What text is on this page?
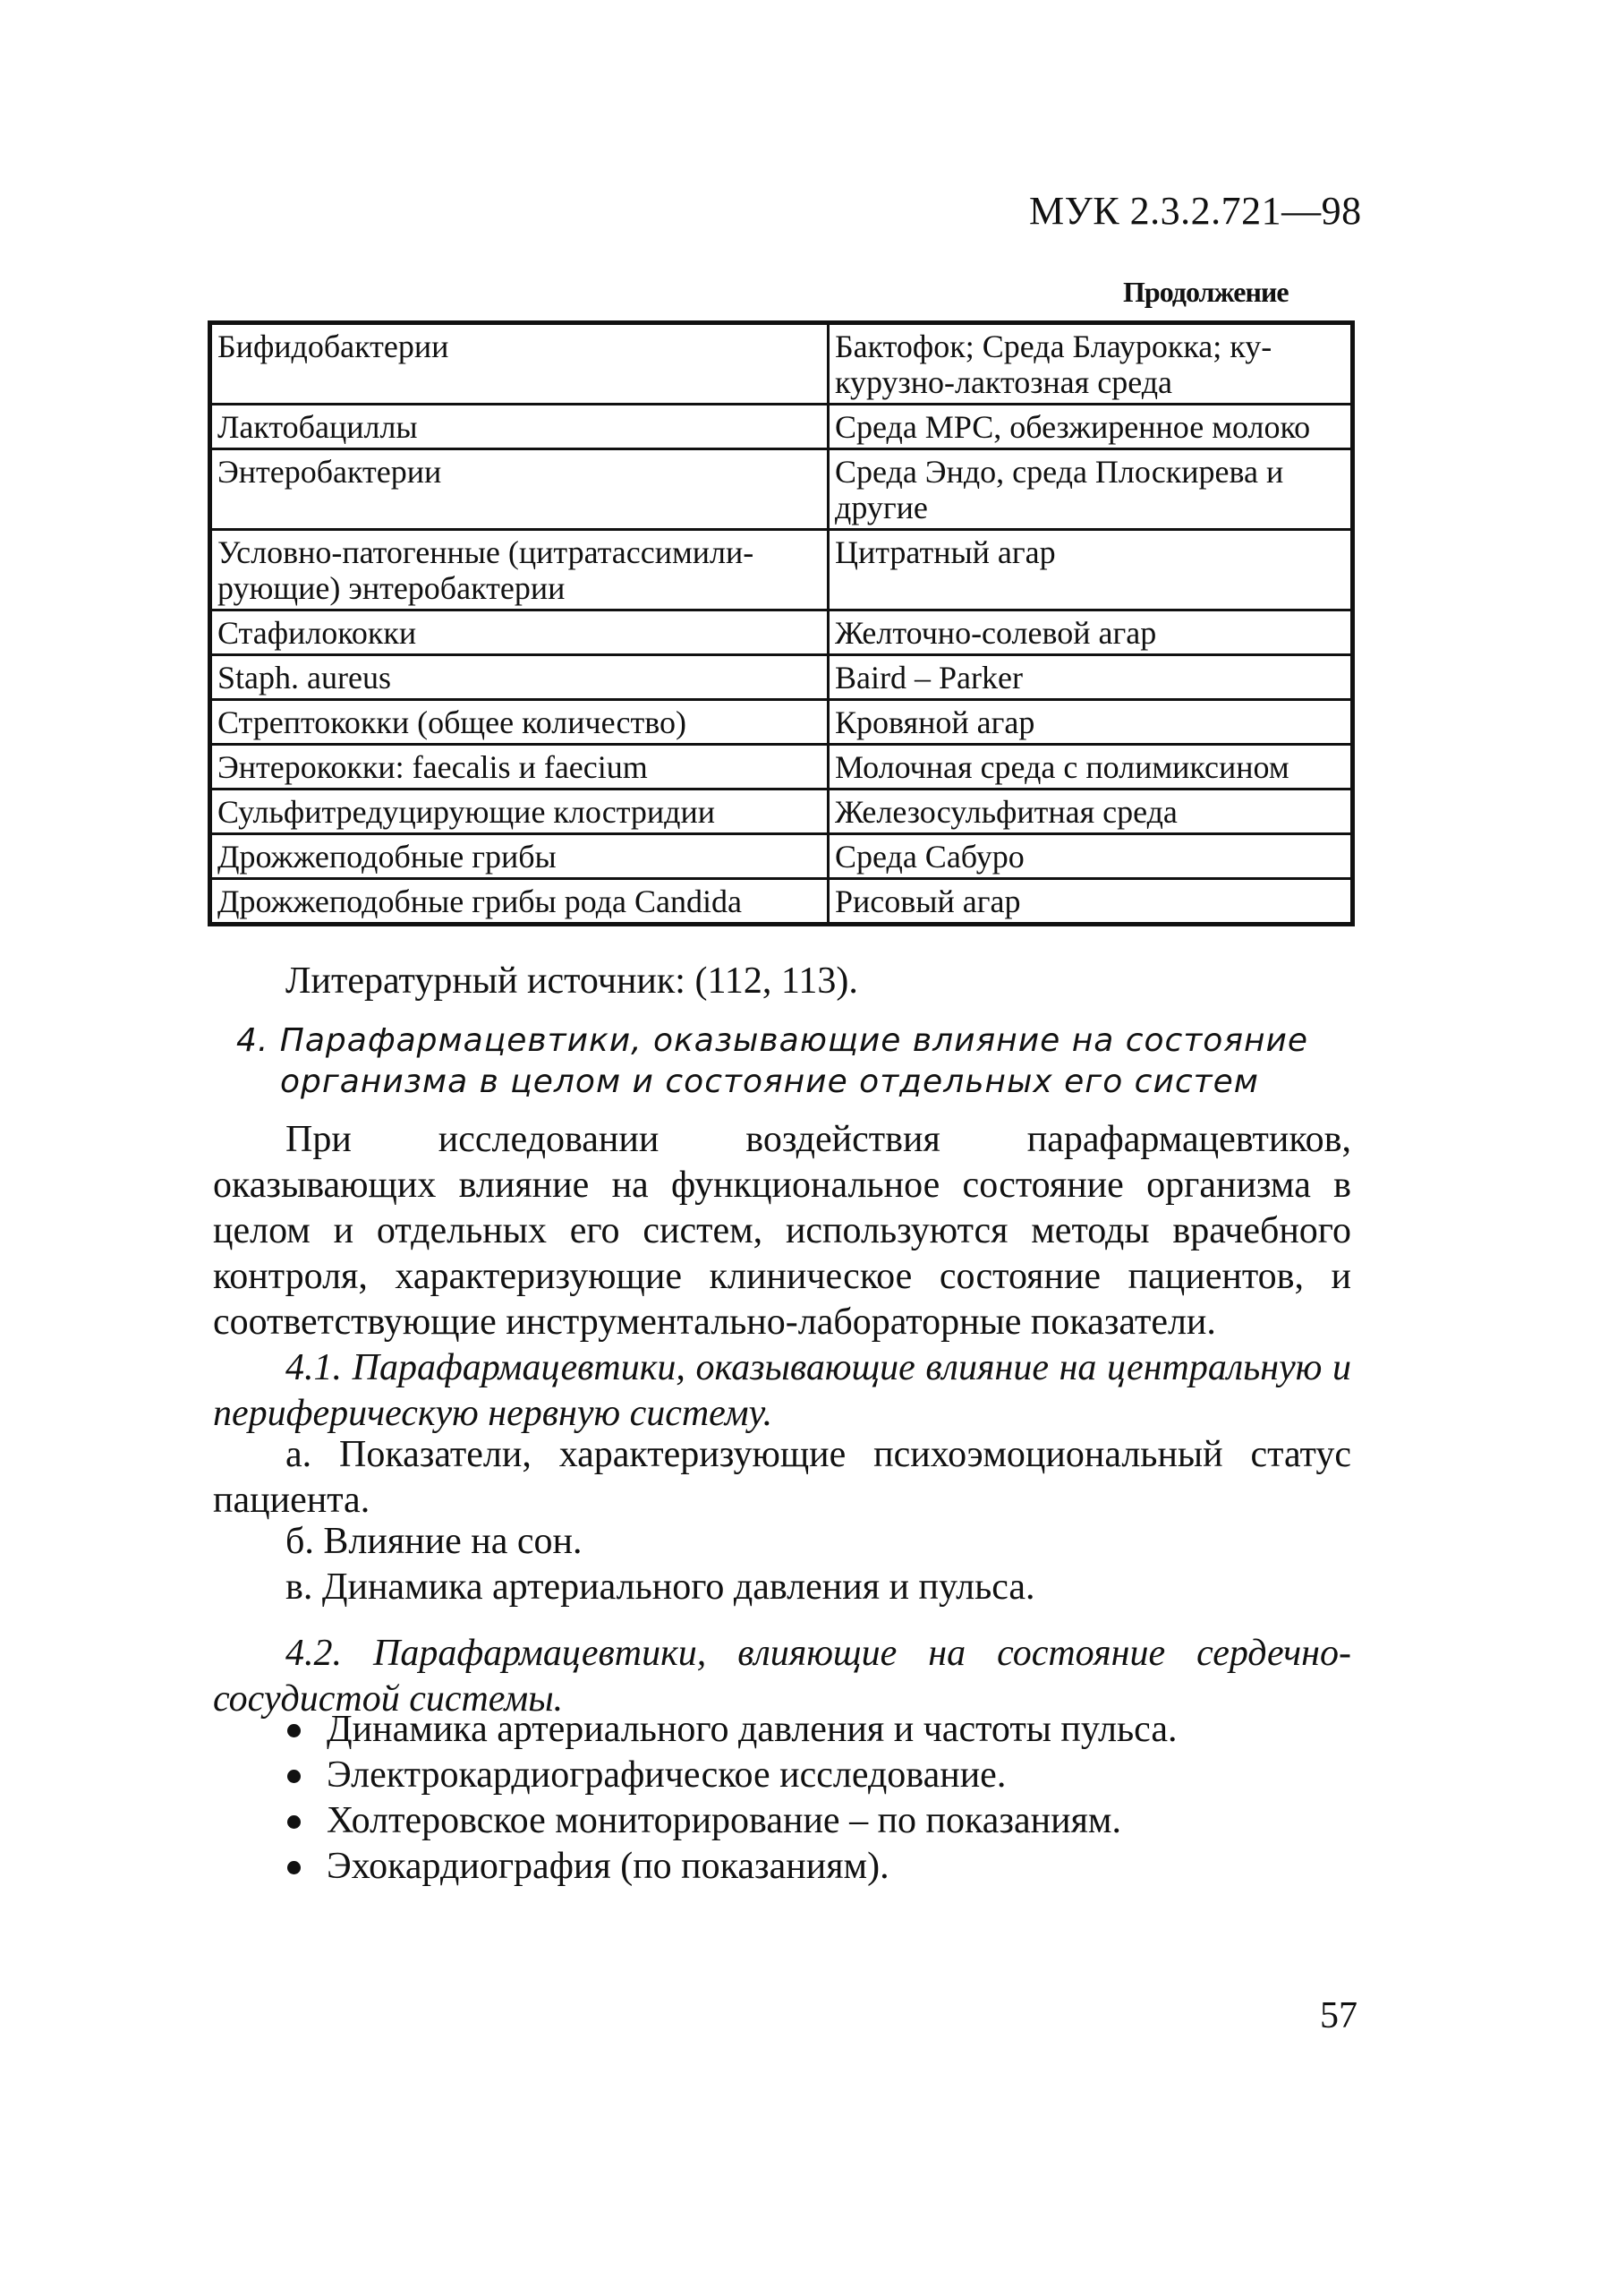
МУК 2.3.2.721—98
Продолжение
Бифидобактерии	Бактофок; Среда Блаурокка; ку-
курузно-лактозная среда
Лактобациллы	Среда МРС, обезжиренное молоко
Энтеробактерии	Среда Эндо, среда Плоскирева и
другие
Условно-патогенные (цитратассимили-
рующие) энтеробактерии	Цитратный агар
Стафилококки	Желточно-солевой агар
Staph. aureus	Baird – Parker
Стрептококки (общее количество)	Кровяной агар
Энтерококки: faecalis и faecium	Молочная среда с полимиксином
Сульфитредуцирующие клостридии	Железосульфитная среда
Дрожжеподобные грибы	Среда Сабуро
Дрожжеподобные грибы рода Candida	Рисовый агар
Литературный источник: (112, 113).
4. Парафармацевтики, оказывающие влияние на состояние
организма в целом и состояние отдельных его систем
При исследовании воздействия парафармацевтиков, оказывающих влияние на функциональное состояние организма в целом и отдельных его систем, используются методы врачебного контроля, характеризующие клиническое состояние пациентов, и соответствующие инструментально-лабораторные показатели.
4.1. Парафармацевтики, оказывающие влияние на центральную и периферическую нервную систему.
а. Показатели, характеризующие психоэмоциональный статус пациента.
б. Влияние на сон.
в. Динамика артериального давления и пульса.
4.2. Парафармацевтики, влияющие на состояние сердечно-сосудистой системы.
Динамика артериального давления и частоты пульса.
Электрокардиографическое исследование.
Холтеровское мониторирование – по показаниям.
Эхокардиография (по показаниям).
57
